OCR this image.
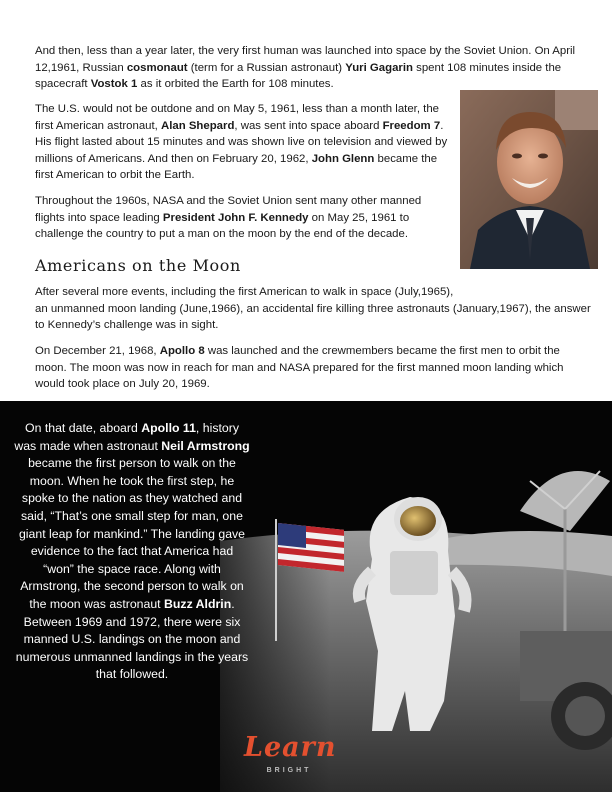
And then, less than a year later, the very first human was launched into space by the Soviet Union. On April 12,1961, Russian cosmonaut (term for a Russian astronaut) Yuri Gagarin spent 108 minutes inside the spacecraft Vostok 1 as it orbited the Earth for 108 minutes.

The U.S. would not be outdone and on May 5, 1961, less than a month later, the first American astronaut, Alan Shepard, was sent into space aboard Freedom 7. His flight lasted about 15 minutes and was shown live on television and viewed by millions of Americans. And then on February 20, 1962, John Glenn became the first American to orbit the Earth.

Throughout the 1960s, NASA and the Soviet Union sent many other manned flights into space leading President John F. Kennedy on May 25, 1961 to challenge the country to put a man on the moon by the end of the decade.

Americans on the Moon

After several more events, including the first American to walk in space (July,1965),
an unmanned moon landing (June,1966), an accidental fire killing three astronauts (January,1967), the answer to Kennedy’s challenge was in sight.

On December 21, 1968, Apollo 8 was launched and the crewmembers became the first men to orbit the moon. The moon was now in reach for man and NASA prepared for the first manned moon landing which would took place on July 20, 1969.

On that date, aboard Apollo 11, history was made when astronaut Neil Armstrong became the first person to walk on the moon. When he took the first step, he spoke to the nation as they watched and said, “That’s one small step for man, one giant leap for mankind.” The landing gave evidence to the fact that America had “won” the space race. Along with Armstrong, the second person to walk on the moon was astronaut Buzz Aldrin. Between 1969 and 1972, there were six manned U.S. landings on the moon and numerous unmanned landings in the years that followed.

Learn

BRIGHT
